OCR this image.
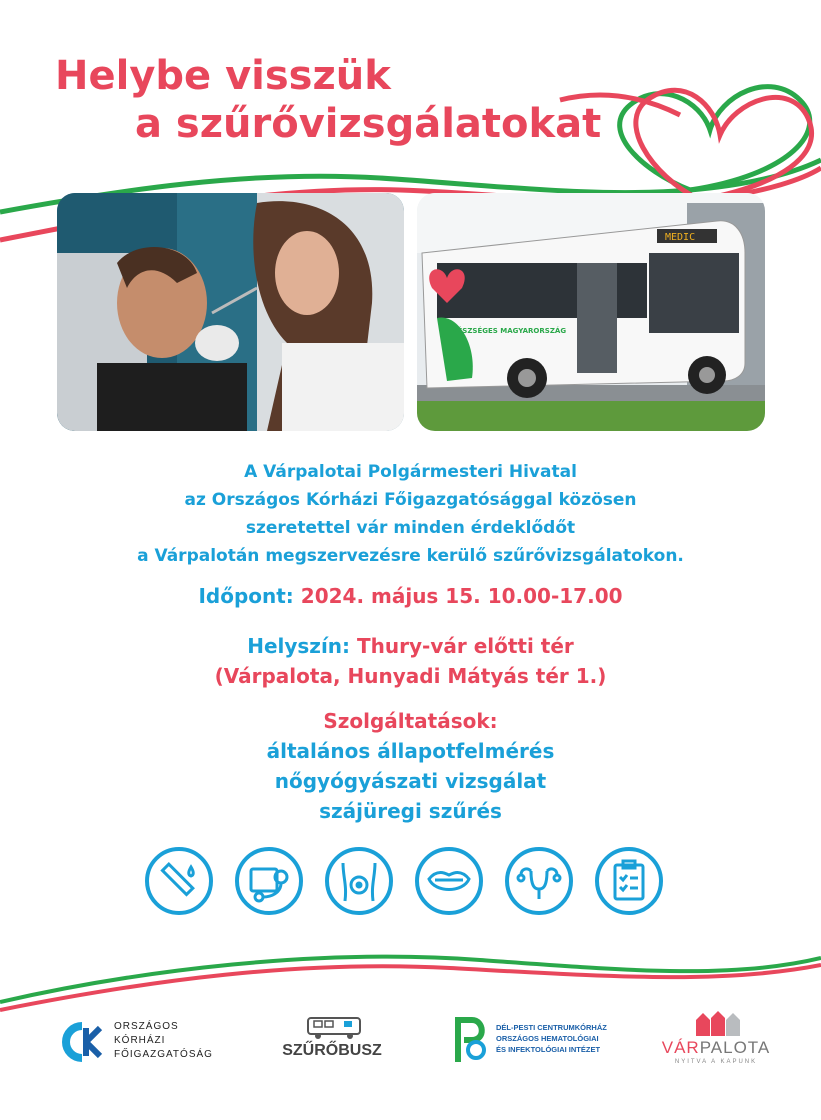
Helybe visszük
a szűrővizsgálatokat
MEDIC
EGÉSZSÉGES MAGYARORSZÁG
A Várpalotai Polgármesteri Hivatal
az Országos Kórházi Főigazgatósággal közösen
szeretettel vár minden érdeklődőt
a Várpalotán megszervezésre kerülő szűrővizsgálatokon.
Időpont: 2024. május 15. 10.00-17.00
Helyszín: Thury-vár előtti tér
(Várpalota, Hunyadi Mátyás tér 1.)
Szolgáltatások:
általános állapotfelmérés
nőgyógyászati vizsgálat
szájüregi szűrés
ORSZÁGOS
KÓRHÁZI
FŐIGAZGATÓSÁG	SZŰRŐBUSZ
DÉL-PESTI CENTRUMKÓRHÁZ
ORSZÁGOS HEMATOLÓGIAI
ÉS INFEKTOLÓGIAI INTÉZET	VÁRPALOTA
NYITVA A KAPUNK
